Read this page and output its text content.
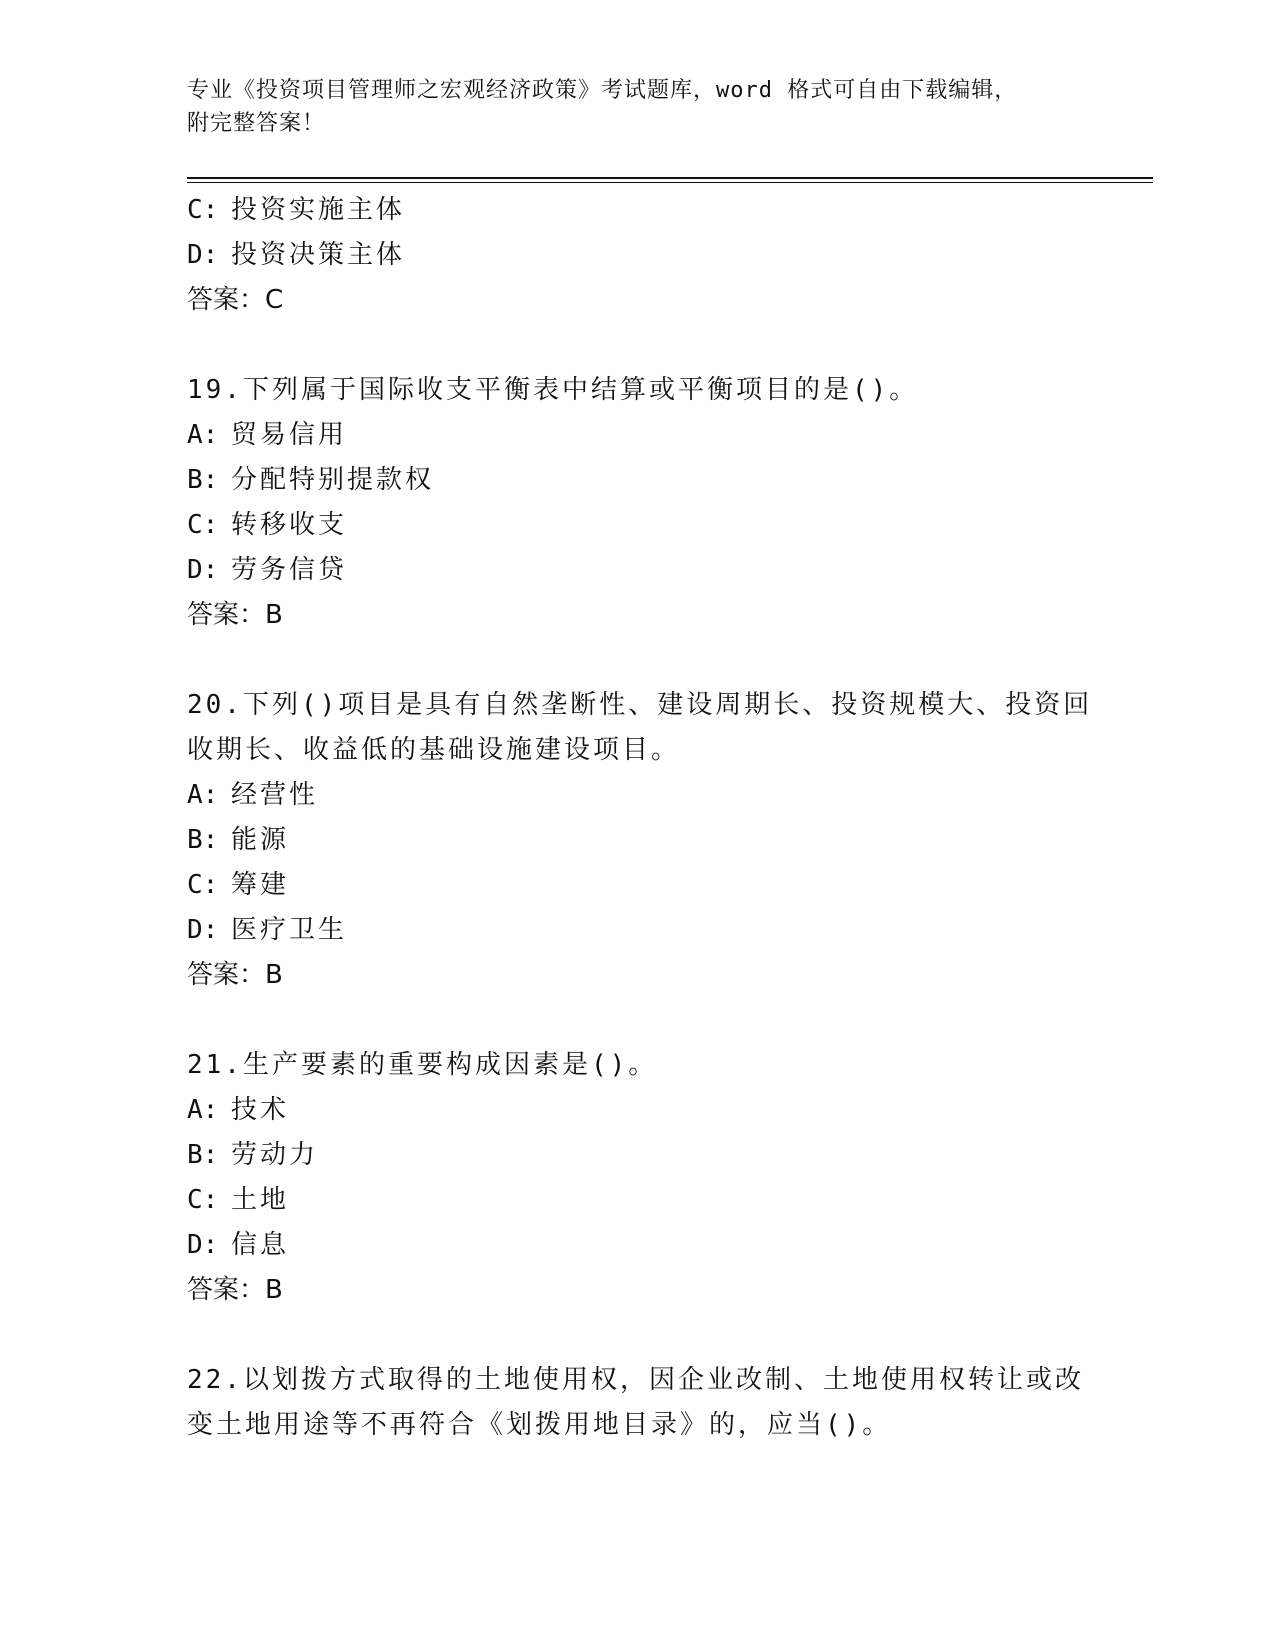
专业《投资项目管理师之宏观经济政策》考试题库，word 格式可自由下载编辑，
附完整答案！
C: 投资实施主体
D: 投资决策主体
答案：C
19.下列属于国际收支平衡表中结算或平衡项目的是()。
A: 贸易信用
B: 分配特别提款权
C: 转移收支
D: 劳务信贷
答案：B
20.下列()项目是具有自然垄断性、建设周期长、投资规模大、投资回
收期长、收益低的基础设施建设项目。
A: 经营性
B: 能源
C: 筹建
D: 医疗卫生
答案：B
21.生产要素的重要构成因素是()。
A: 技术
B: 劳动力
C: 土地
D: 信息
答案：B
22.以划拨方式取得的土地使用权，因企业改制、土地使用权转让或改
变土地用途等不再符合《划拨用地目录》的，应当()。
